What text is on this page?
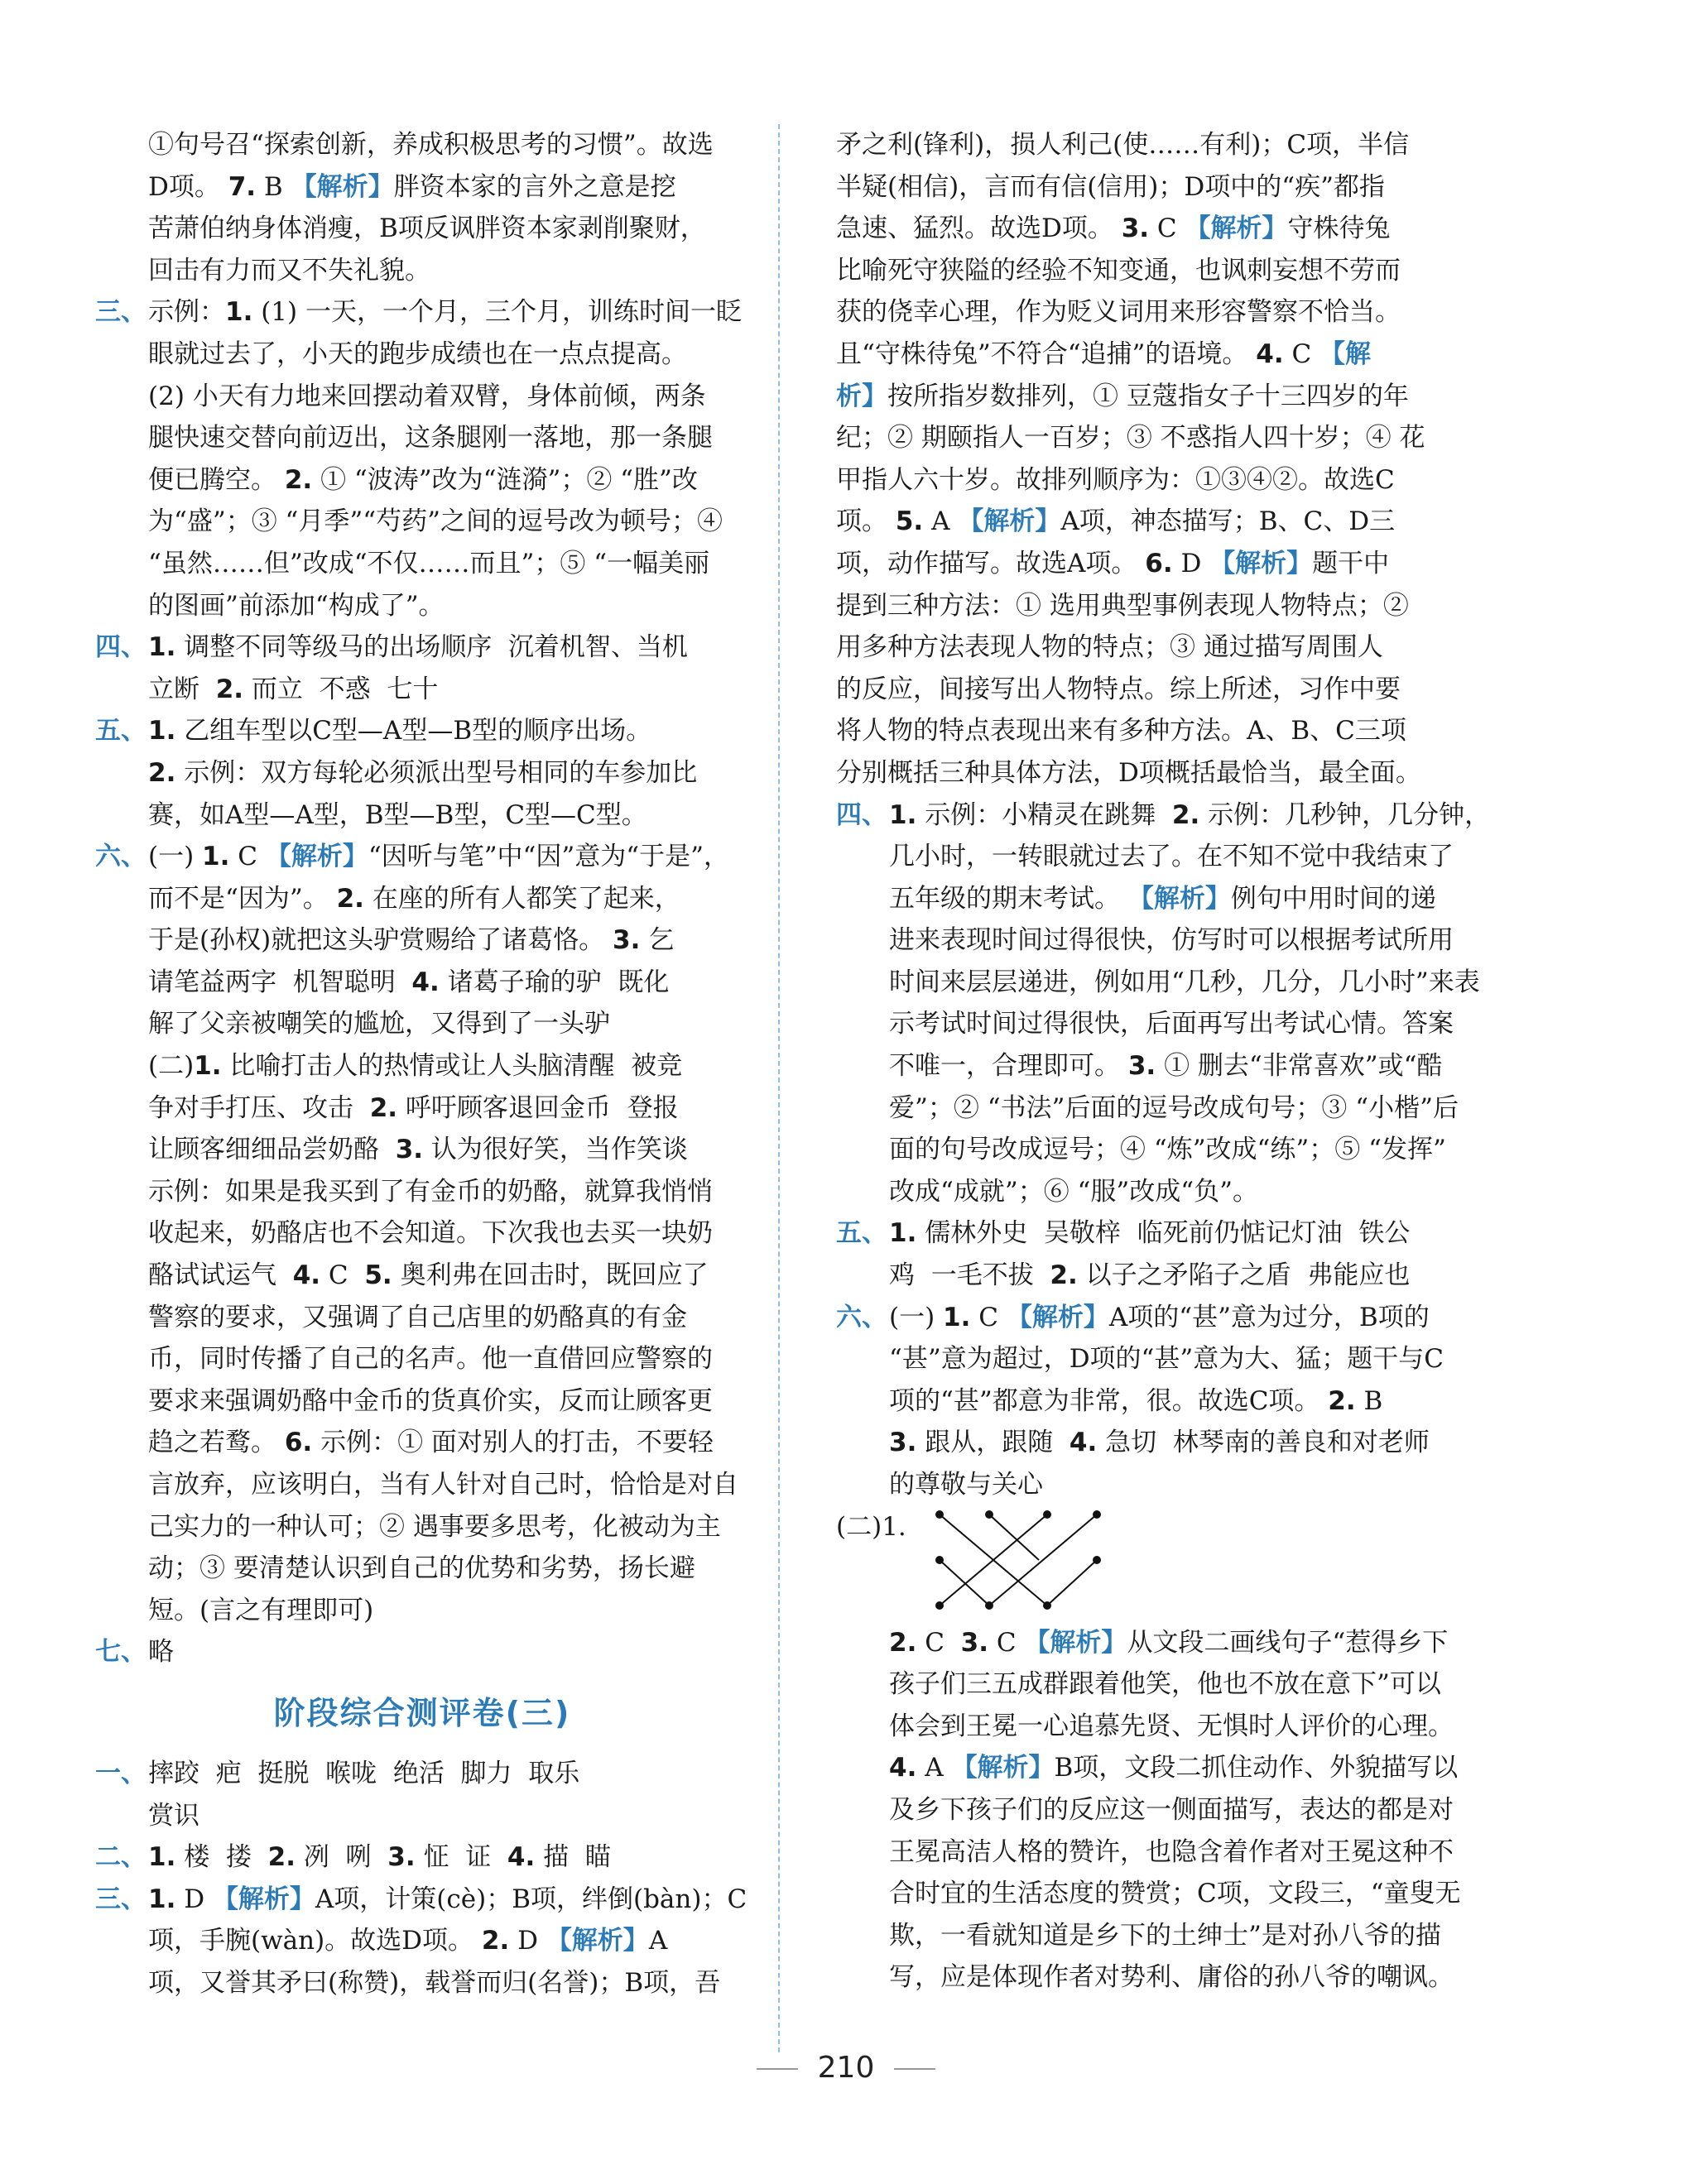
①句号召“探索创新，养成积极思考的习惯”。故选
D项。 7. B 【解析】胖资本家的言外之意是挖
苦萧伯纳身体消瘦，B项反讽胖资本家剥削聚财，
回击有力而又不失礼貌。
三、示例：1. (1) 一天，一个月，三个月，训练时间一眨
眼就过去了，小天的跑步成绩也在一点点提高。
(2) 小天有力地来回摆动着双臂，身体前倾，两条
腿快速交替向前迈出，这条腿刚一落地，那一条腿
便已腾空。 2. ① “波涛”改为“涟漪”；② “胜”改
为“盛”；③ “月季”“芍药”之间的逗号改为顿号；④
“虽然……但”改成“不仅……而且”；⑤ “一幅美丽
的图画”前添加“构成了”。
四、1. 调整不同等级马的出场顺序  沉着机智、当机
立断  2. 而立  不惑  七十
五、1. 乙组车型以C型—A型—B型的顺序出场。
2. 示例：双方每轮必须派出型号相同的车参加比
赛，如A型—A型，B型—B型，C型—C型。
六、(一) 1. C 【解析】“因听与笔”中“因”意为“于是”，
而不是“因为”。 2. 在座的所有人都笑了起来，
于是(孙权)就把这头驴赏赐给了诸葛恪。 3. 乞
请笔益两字  机智聪明  4. 诸葛子瑜的驴  既化
解了父亲被嘲笑的尴尬，又得到了一头驴
(二)1. 比喻打击人的热情或让人头脑清醒  被竞
争对手打压、攻击  2. 呼吁顾客退回金币  登报
让顾客细细品尝奶酪  3. 认为很好笑，当作笑谈
示例：如果是我买到了有金币的奶酪，就算我悄悄
收起来，奶酪店也不会知道。下次我也去买一块奶
酪试试运气  4. C  5. 奥利弗在回击时，既回应了
警察的要求，又强调了自己店里的奶酪真的有金
币，同时传播了自己的名声。他一直借回应警察的
要求来强调奶酪中金币的货真价实，反而让顾客更
趋之若鹜。 6. 示例：① 面对别人的打击，不要轻
言放弃，应该明白，当有人针对自己时，恰恰是对自
己实力的一种认可；② 遇事要多思考，化被动为主
动；③ 要清楚认识到自己的优势和劣势，扬长避
短。(言之有理即可)
七、略
阶段综合测评卷(三)
一、摔跤  疤  挺脱  喉咙  绝活  脚力  取乐
赏识
二、1. 楼  搂  2. 冽  咧  3. 怔  证  4. 描  瞄
三、1. D 【解析】A项，计策(cè)；B项，绊倒(bàn)；C
项，手腕(wàn)。故选D项。 2. D 【解析】A
项，又誉其矛曰(称赞)，载誉而归(名誉)；B项，吾
矛之利(锋利)，损人利己(使……有利)；C项，半信
半疑(相信)，言而有信(信用)；D项中的“疾”都指
急速、猛烈。故选D项。 3. C 【解析】守株待兔
比喻死守狭隘的经验不知变通，也讽刺妄想不劳而
获的侥幸心理，作为贬义词用来形容警察不恰当。
且“守株待兔”不符合“追捕”的语境。 4. C 【解
析】按所指岁数排列，① 豆蔻指女子十三四岁的年
纪；② 期颐指人一百岁；③ 不惑指人四十岁；④ 花
甲指人六十岁。故排列顺序为：①③④②。故选C
项。 5. A 【解析】A项，神态描写；B、C、D三
项，动作描写。故选A项。 6. D 【解析】题干中
提到三种方法：① 选用典型事例表现人物特点；②
用多种方法表现人物的特点；③ 通过描写周围人
的反应，间接写出人物特点。综上所述，习作中要
将人物的特点表现出来有多种方法。A、B、C三项
分别概括三种具体方法，D项概括最恰当，最全面。
四、1. 示例：小精灵在跳舞  2. 示例：几秒钟，几分钟，
几小时，一转眼就过去了。在不知不觉中我结束了
五年级的期末考试。 【解析】例句中用时间的递
进来表现时间过得很快，仿写时可以根据考试所用
时间来层层递进，例如用“几秒，几分，几小时”来表
示考试时间过得很快，后面再写出考试心情。答案
不唯一，合理即可。 3. ① 删去“非常喜欢”或“酷
爱”；② “书法”后面的逗号改成句号；③ “小楷”后
面的句号改成逗号；④ “炼”改成“练”；⑤ “发挥”
改成“成就”；⑥ “服”改成“负”。
五、1. 儒林外史  吴敬梓  临死前仍惦记灯油  铁公
鸡  一毛不拔  2. 以子之矛陷子之盾  弗能应也
六、(一) 1. C 【解析】A项的“甚”意为过分，B项的
“甚”意为超过，D项的“甚”意为大、猛；题干与C
项的“甚”都意为非常，很。故选C项。 2. B
3. 跟从，跟随  4. 急切  林琴南的善良和对老师
的尊敬与关心
(二)1.
2. C  3. C 【解析】从文段二画线句子“惹得乡下
孩子们三五成群跟着他笑，他也不放在意下”可以
体会到王冕一心追慕先贤、无惧时人评价的心理。
4. A 【解析】B项，文段二抓住动作、外貌描写以
及乡下孩子们的反应这一侧面描写，表达的都是对
王冕高洁人格的赞许，也隐含着作者对王冕这种不
合时宜的生活态度的赞赏；C项，文段三，“童叟无
欺，一看就知道是乡下的土绅士”是对孙八爷的描
写，应是体现作者对势利、庸俗的孙八爷的嘲讽。
210
